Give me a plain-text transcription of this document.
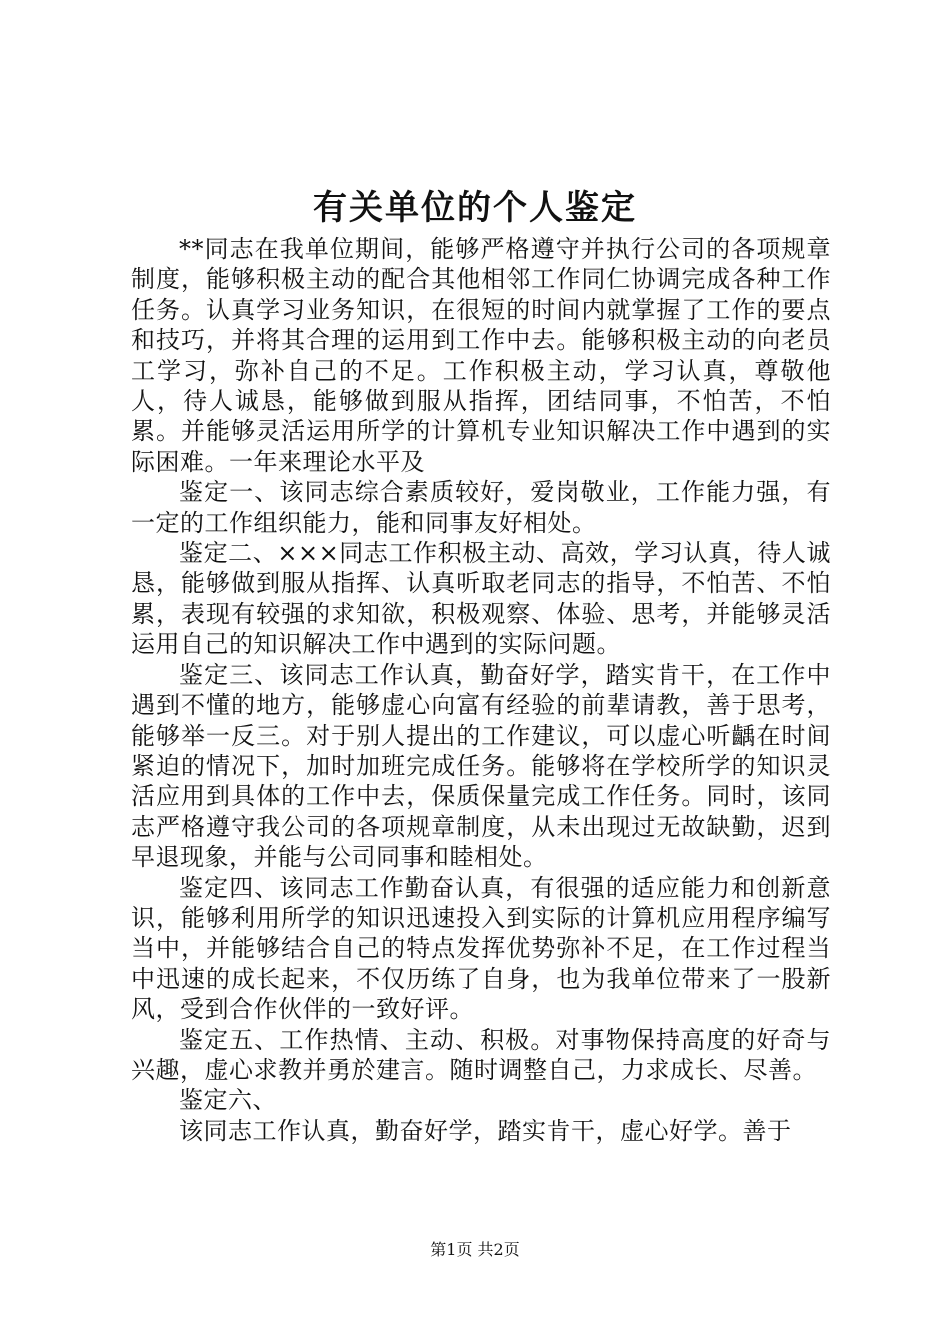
有关单位的个人鉴定

**同志在我单位期间，能够严格遵守并执行公司的各项规章制度，能够积极主动的配合其他相邻工作同仁协调完成各种工作任务。认真学习业务知识，在很短的时间内就掌握了工作的要点和技巧，并将其合理的运用到工作中去。能够积极主动的向老员工学习，弥补自己的不足。工作积极主动，学习认真，尊敬他人，待人诚恳，能够做到服从指挥，团结同事，不怕苦，不怕累。并能够灵活运用所学的计算机专业知识解决工作中遇到的实际困难。一年来理论水平及

鉴定一、该同志综合素质较好，爱岗敬业，工作能力强，有一定的工作组织能力，能和同事友好相处。

鉴定二、×××同志工作积极主动、高效，学习认真，待人诚恳，能够做到服从指挥、认真听取老同志的指导，不怕苦、不怕累，表现有较强的求知欲，积极观察、体验、思考，并能够灵活运用自己的知识解决工作中遇到的实际问题。

鉴定三、该同志工作认真，勤奋好学，踏实肯干，在工作中遇到不懂的地方，能够虚心向富有经验的前辈请教，善于思考，能够举一反三。对于别人提出的工作建议，可以虚心听齲在时间紧迫的情况下，加时加班完成任务。能够将在学校所学的知识灵活应用到具体的工作中去，保质保量完成工作任务。同时，该同志严格遵守我公司的各项规章制度，从未出现过无故缺勤，迟到早退现象，并能与公司同事和睦相处。

鉴定四、该同志工作勤奋认真，有很强的适应能力和创新意识，能够利用所学的知识迅速投入到实际的计算机应用程序编写当中，并能够结合自己的特点发挥优势弥补不足，在工作过程当中迅速的成长起来，不仅历练了自身，也为我单位带来了一股新风，受到合作伙伴的一致好评。

鉴定五、工作热情、主动、积极。对事物保持高度的好奇与兴趣，虚心求教并勇於建言。随时调整自己，力求成长、尽善。

鉴定六、

该同志工作认真，勤奋好学，踏实肯干，虚心好学。善于

第1页 共2页
